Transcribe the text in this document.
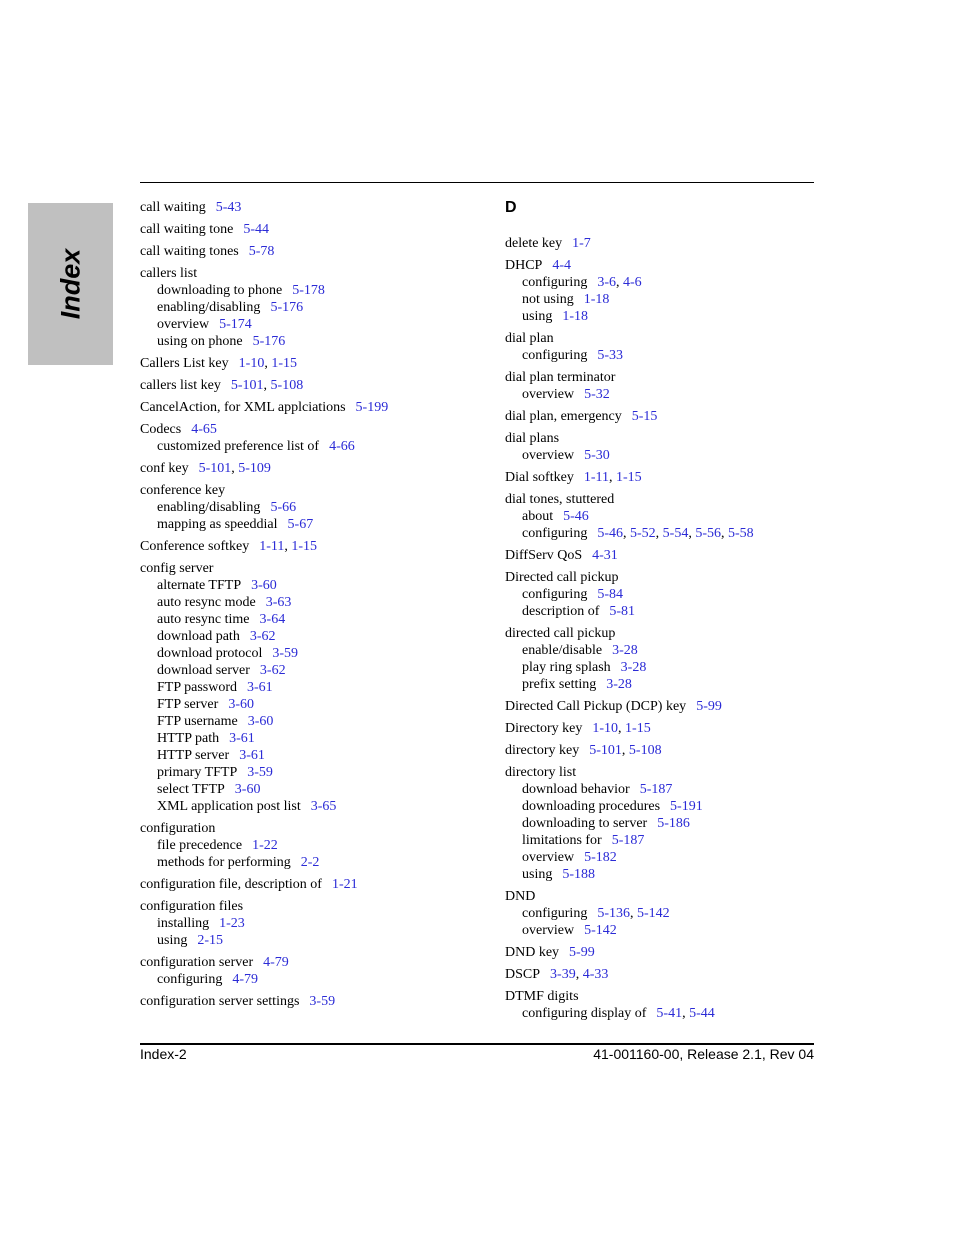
Index
call waiting 5-43
call waiting tone 5-44
call waiting tones 5-78
callers list
downloading to phone 5-178
enabling/disabling 5-176
overview 5-174
using on phone 5-176
Callers List key 1-10, 1-15
callers list key 5-101, 5-108
CancelAction, for XML applciations 5-199
Codecs 4-65
customized preference list of 4-66
conf key 5-101, 5-109
conference key
enabling/disabling 5-66
mapping as speeddial 5-67
Conference softkey 1-11, 1-15
config server
alternate TFTP 3-60
auto resync mode 3-63
auto resync time 3-64
download path 3-62
download protocol 3-59
download server 3-62
FTP password 3-61
FTP server 3-60
FTP username 3-60
HTTP path 3-61
HTTP server 3-61
primary TFTP 3-59
select TFTP 3-60
XML application post list 3-65
configuration
file precedence 1-22
methods for performing 2-2
configuration file, description of 1-21
configuration files
installing 1-23
using 2-15
configuration server 4-79
configuring 4-79
configuration server settings 3-59
D
delete key 1-7
DHCP 4-4
configuring 3-6, 4-6
not using 1-18
using 1-18
dial plan
configuring 5-33
dial plan terminator
overview 5-32
dial plan, emergency 5-15
dial plans
overview 5-30
Dial softkey 1-11, 1-15
dial tones, stuttered
about 5-46
configuring 5-46, 5-52, 5-54, 5-56, 5-58
DiffServ QoS 4-31
Directed call pickup
configuring 5-84
description of 5-81
directed call pickup
enable/disable 3-28
play ring splash 3-28
prefix setting 3-28
Directed Call Pickup (DCP) key 5-99
Directory key 1-10, 1-15
directory key 5-101, 5-108
directory list
download behavior 5-187
downloading procedures 5-191
downloading to server 5-186
limitations for 5-187
overview 5-182
using 5-188
DND
configuring 5-136, 5-142
overview 5-142
DND key 5-99
DSCP 3-39, 4-33
DTMF digits
configuring display of 5-41, 5-44
Index-2	41-001160-00, Release 2.1, Rev 04
